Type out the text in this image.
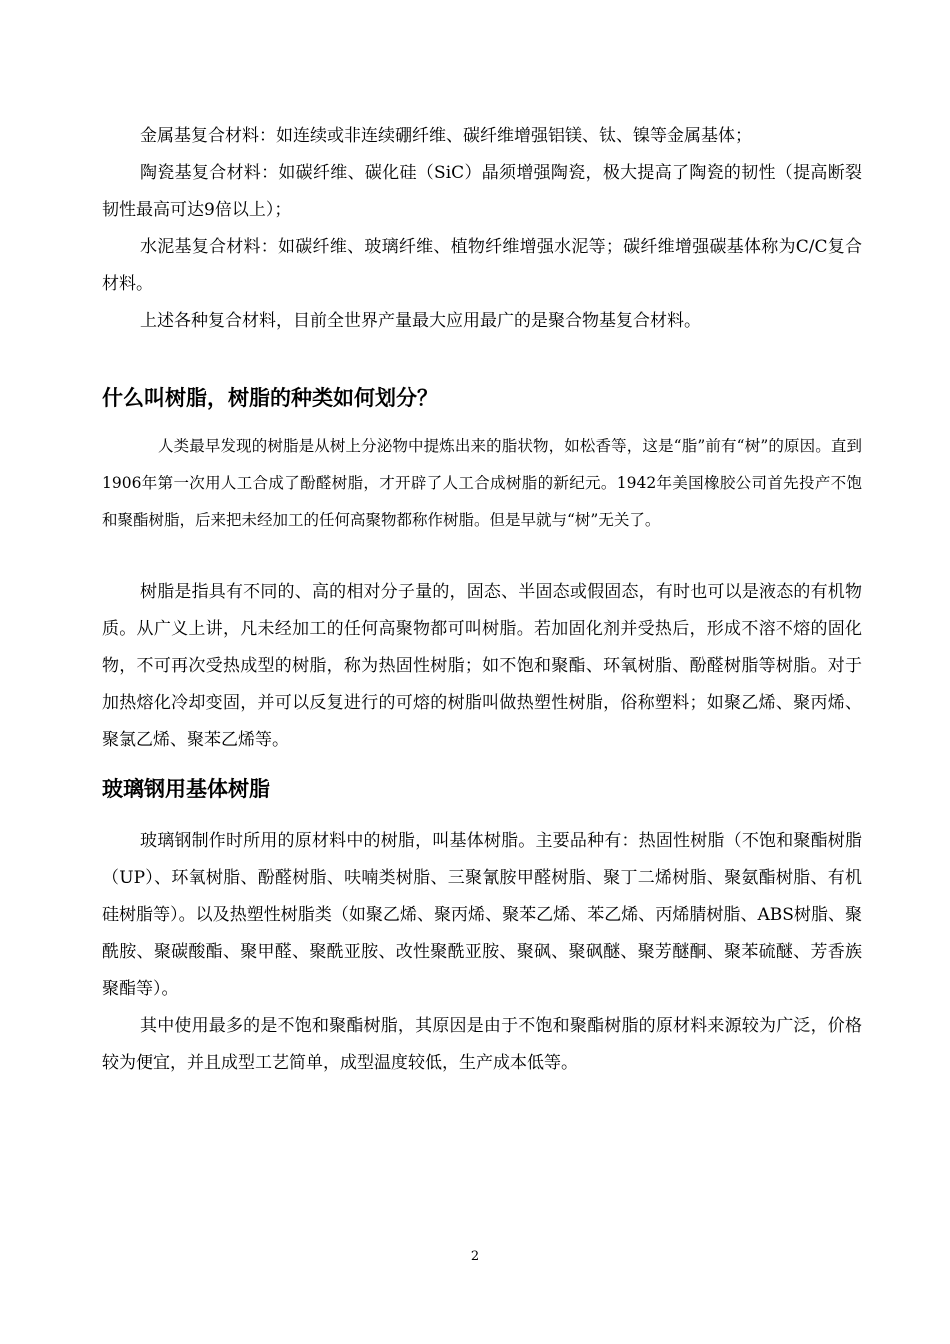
金属基复合材料：如连续或非连续硼纤维、碳纤维增强铝镁、钛、镍等金属基体；

陶瓷基复合材料：如碳纤维、碳化硅（SiC）晶须增强陶瓷，极大提高了陶瓷的韧性（提高断裂韧性最高可达9倍以上）；

水泥基复合材料：如碳纤维、玻璃纤维、植物纤维增强水泥等；碳纤维增强碳基体称为C/C复合材料。

上述各种复合材料，目前全世界产量最大应用最广的是聚合物基复合材料。

什么叫树脂，树脂的种类如何划分？

人类最早发现的树脂是从树上分泌物中提炼出来的脂状物，如松香等，这是“脂”前有“树”的原因。直到1906年第一次用人工合成了酚醛树脂，才开辟了人工合成树脂的新纪元。1942年美国橡胶公司首先投产不饱和聚酯树脂，后来把未经加工的任何高聚物都称作树脂。但是早就与“树”无关了。

树脂是指具有不同的、高的相对分子量的，固态、半固态或假固态，有时也可以是液态的有机物质。从广义上讲，凡未经加工的任何高聚物都可叫树脂。若加固化剂并受热后，形成不溶不熔的固化物，不可再次受热成型的树脂，称为热固性树脂；如不饱和聚酯、环氧树脂、酚醛树脂等树脂。对于加热熔化冷却变固，并可以反复进行的可熔的树脂叫做热塑性树脂，俗称塑料；如聚乙烯、聚丙烯、聚氯乙烯、聚苯乙烯等。

玻璃钢用基体树脂

玻璃钢制作时所用的原材料中的树脂，叫基体树脂。主要品种有：热固性树脂（不饱和聚酯树脂（UP）、环氧树脂、酚醛树脂、呋喃类树脂、三聚氰胺甲醛树脂、聚丁二烯树脂、聚氨酯树脂、有机硅树脂等）。以及热塑性树脂类（如聚乙烯、聚丙烯、聚苯乙烯、苯乙烯、丙烯腈树脂、ABS树脂、聚酰胺、聚碳酸酯、聚甲醛、聚酰亚胺、改性聚酰亚胺、聚砜、聚砜醚、聚芳醚酮、聚苯硫醚、芳香族聚酯等）。

其中使用最多的是不饱和聚酯树脂，其原因是由于不饱和聚酯树脂的原材料来源较为广泛，价格较为便宜，并且成型工艺简单，成型温度较低，生产成本低等。

2
